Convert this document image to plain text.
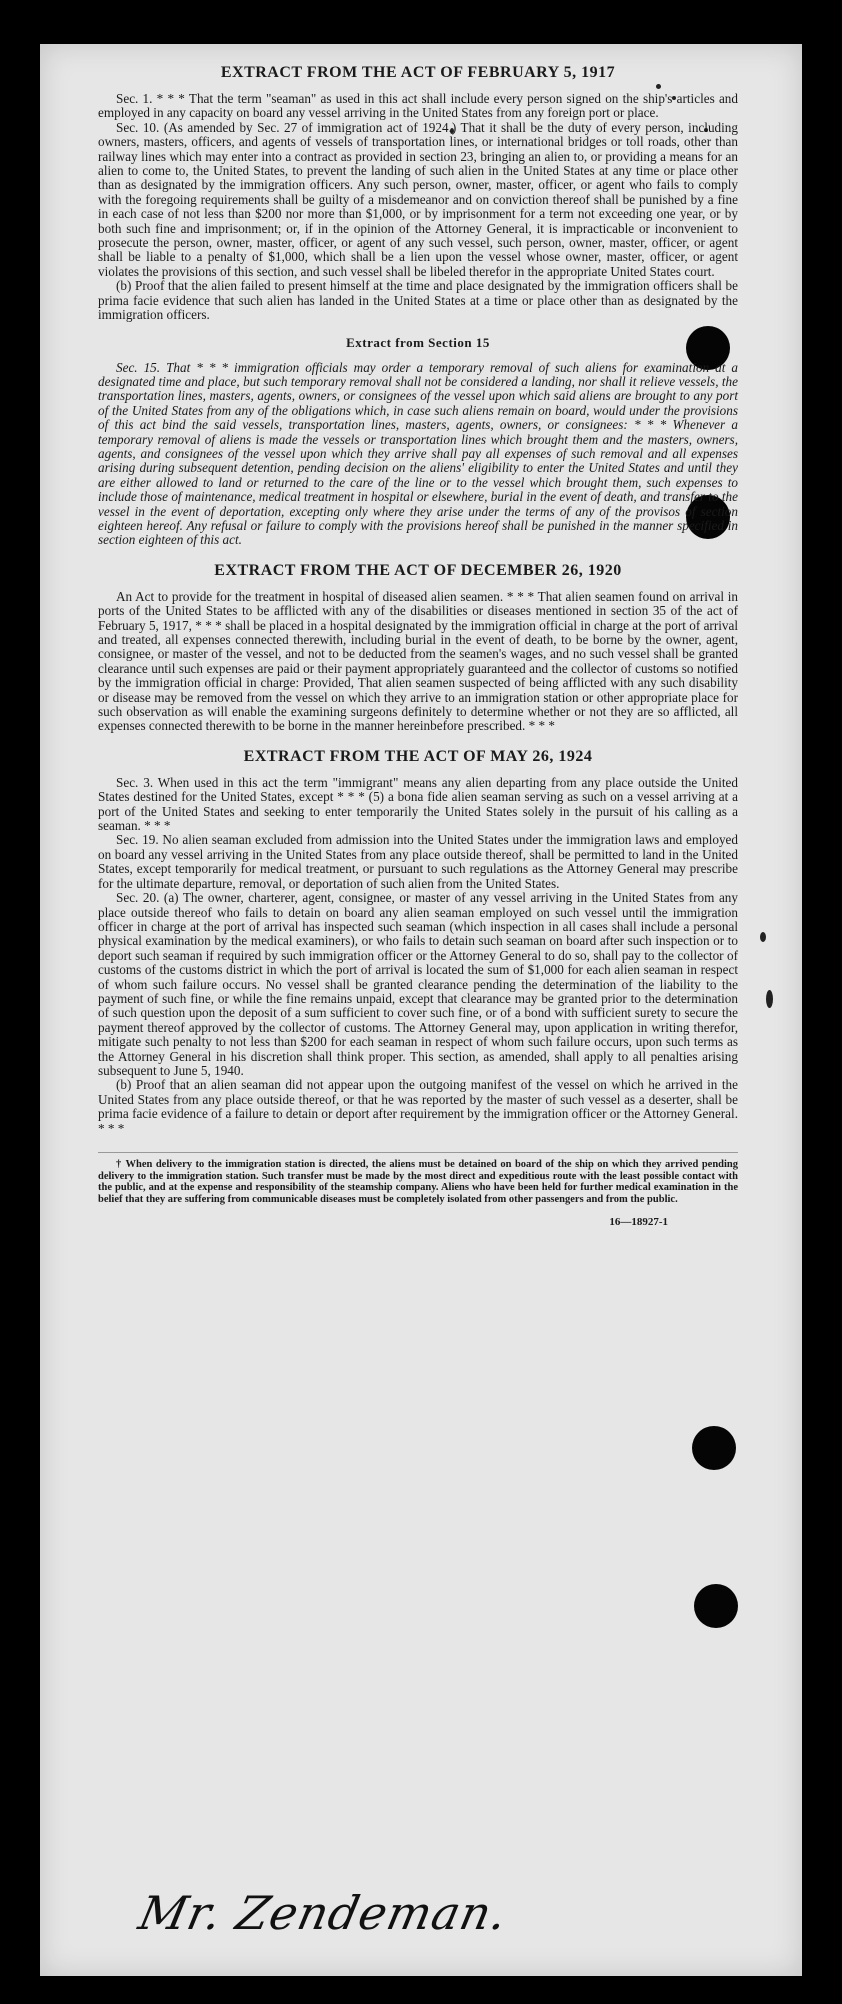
EXTRACT FROM THE ACT OF FEBRUARY 5, 1917

Sec. 1. * * * That the term "seaman" as used in this act shall include every person signed on the ship's articles and employed in any capacity on board any vessel arriving in the United States from any foreign port or place.

Sec. 10. (As amended by Sec. 27 of immigration act of 1924.) That it shall be the duty of every person, including owners, masters, officers, and agents of vessels of transportation lines, or international bridges or toll roads, other than railway lines which may enter into a contract as provided in section 23, bringing an alien to, or providing a means for an alien to come to, the United States, to prevent the landing of such alien in the United States at any time or place other than as designated by the immigration officers. Any such person, owner, master, officer, or agent who fails to comply with the foregoing requirements shall be guilty of a misdemeanor and on conviction thereof shall be punished by a fine in each case of not less than $200 nor more than $1,000, or by imprisonment for a term not exceeding one year, or by both such fine and imprisonment; or, if in the opinion of the Attorney General, it is impracticable or inconvenient to prosecute the person, owner, master, officer, or agent of any such vessel, such person, owner, master, officer, or agent shall be liable to a penalty of $1,000, which shall be a lien upon the vessel whose owner, master, officer, or agent violates the provisions of this section, and such vessel shall be libeled therefor in the appropriate United States court.

(b) Proof that the alien failed to present himself at the time and place designated by the immigration officers shall be prima facie evidence that such alien has landed in the United States at a time or place other than as designated by the immigration officers.

Extract from Section 15

Sec. 15. That * * * immigration officials may order a temporary removal of such aliens for examination at a designated time and place, but such temporary removal shall not be considered a landing, nor shall it relieve vessels, the transportation lines, masters, agents, owners, or consignees of the vessel upon which said aliens are brought to any port of the United States from any of the obligations which, in case such aliens remain on board, would under the provisions of this act bind the said vessels, transportation lines, masters, agents, owners, or consignees: * * * Whenever a temporary removal of aliens is made the vessels or transportation lines which brought them and the masters, owners, agents, and consignees of the vessel upon which they arrive shall pay all expenses of such removal and all expenses arising during subsequent detention, pending decision on the aliens' eligibility to enter the United States and until they are either allowed to land or returned to the care of the line or to the vessel which brought them, such expenses to include those of maintenance, medical treatment in hospital or elsewhere, burial in the event of death, and transfer to the vessel in the event of deportation, excepting only where they arise under the terms of any of the provisos of section eighteen hereof. Any refusal or failure to comply with the provisions hereof shall be punished in the manner specified in section eighteen of this act.

EXTRACT FROM THE ACT OF DECEMBER 26, 1920

An Act to provide for the treatment in hospital of diseased alien seamen. * * * That alien seamen found on arrival in ports of the United States to be afflicted with any of the disabilities or diseases mentioned in section 35 of the act of February 5, 1917, * * * shall be placed in a hospital designated by the immigration official in charge at the port of arrival and treated, all expenses connected therewith, including burial in the event of death, to be borne by the owner, agent, consignee, or master of the vessel, and not to be deducted from the seamen's wages, and no such vessel shall be granted clearance until such expenses are paid or their payment appropriately guaranteed and the collector of customs so notified by the immigration official in charge: Provided, That alien seamen suspected of being afflicted with any such disability or disease may be removed from the vessel on which they arrive to an immigration station or other appropriate place for such observation as will enable the examining surgeons definitely to determine whether or not they are so afflicted, all expenses connected therewith to be borne in the manner hereinbefore prescribed. * * *

EXTRACT FROM THE ACT OF MAY 26, 1924

Sec. 3. When used in this act the term "immigrant" means any alien departing from any place outside the United States destined for the United States, except * * * (5) a bona fide alien seaman serving as such on a vessel arriving at a port of the United States and seeking to enter temporarily the United States solely in the pursuit of his calling as a seaman. * * *

Sec. 19. No alien seaman excluded from admission into the United States under the immigration laws and employed on board any vessel arriving in the United States from any place outside thereof, shall be permitted to land in the United States, except temporarily for medical treatment, or pursuant to such regulations as the Attorney General may prescribe for the ultimate departure, removal, or deportation of such alien from the United States.

Sec. 20. (a) The owner, charterer, agent, consignee, or master of any vessel arriving in the United States from any place outside thereof who fails to detain on board any alien seaman employed on such vessel until the immigration officer in charge at the port of arrival has inspected such seaman (which inspection in all cases shall include a personal physical examination by the medical examiners), or who fails to detain such seaman on board after such inspection or to deport such seaman if required by such immigration officer or the Attorney General to do so, shall pay to the collector of customs of the customs district in which the port of arrival is located the sum of $1,000 for each alien seaman in respect of whom such failure occurs. No vessel shall be granted clearance pending the determination of the liability to the payment of such fine, or while the fine remains unpaid, except that clearance may be granted prior to the determination of such question upon the deposit of a sum sufficient to cover such fine, or of a bond with sufficient surety to secure the payment thereof approved by the collector of customs. The Attorney General may, upon application in writing therefor, mitigate such penalty to not less than $200 for each seaman in respect of whom such failure occurs, upon such terms as the Attorney General in his discretion shall think proper. This section, as amended, shall apply to all penalties arising subsequent to June 5, 1940.

(b) Proof that an alien seaman did not appear upon the outgoing manifest of the vessel on which he arrived in the United States from any place outside thereof, or that he was reported by the master of such vessel as a deserter, shall be prima facie evidence of a failure to detain or deport after requirement by the immigration officer or the Attorney General. * * *

† When delivery to the immigration station is directed, the aliens must be detained on board of the ship on which they arrived pending delivery to the immigration station. Such transfer must be made by the most direct and expeditious route with the least possible contact with the public, and at the expense and responsibility of the steamship company. Aliens who have been held for further medical examination in the belief that they are suffering from communicable diseases must be completely isolated from other passengers and from the public.

16—18927-1
Mr. Zendeman.
